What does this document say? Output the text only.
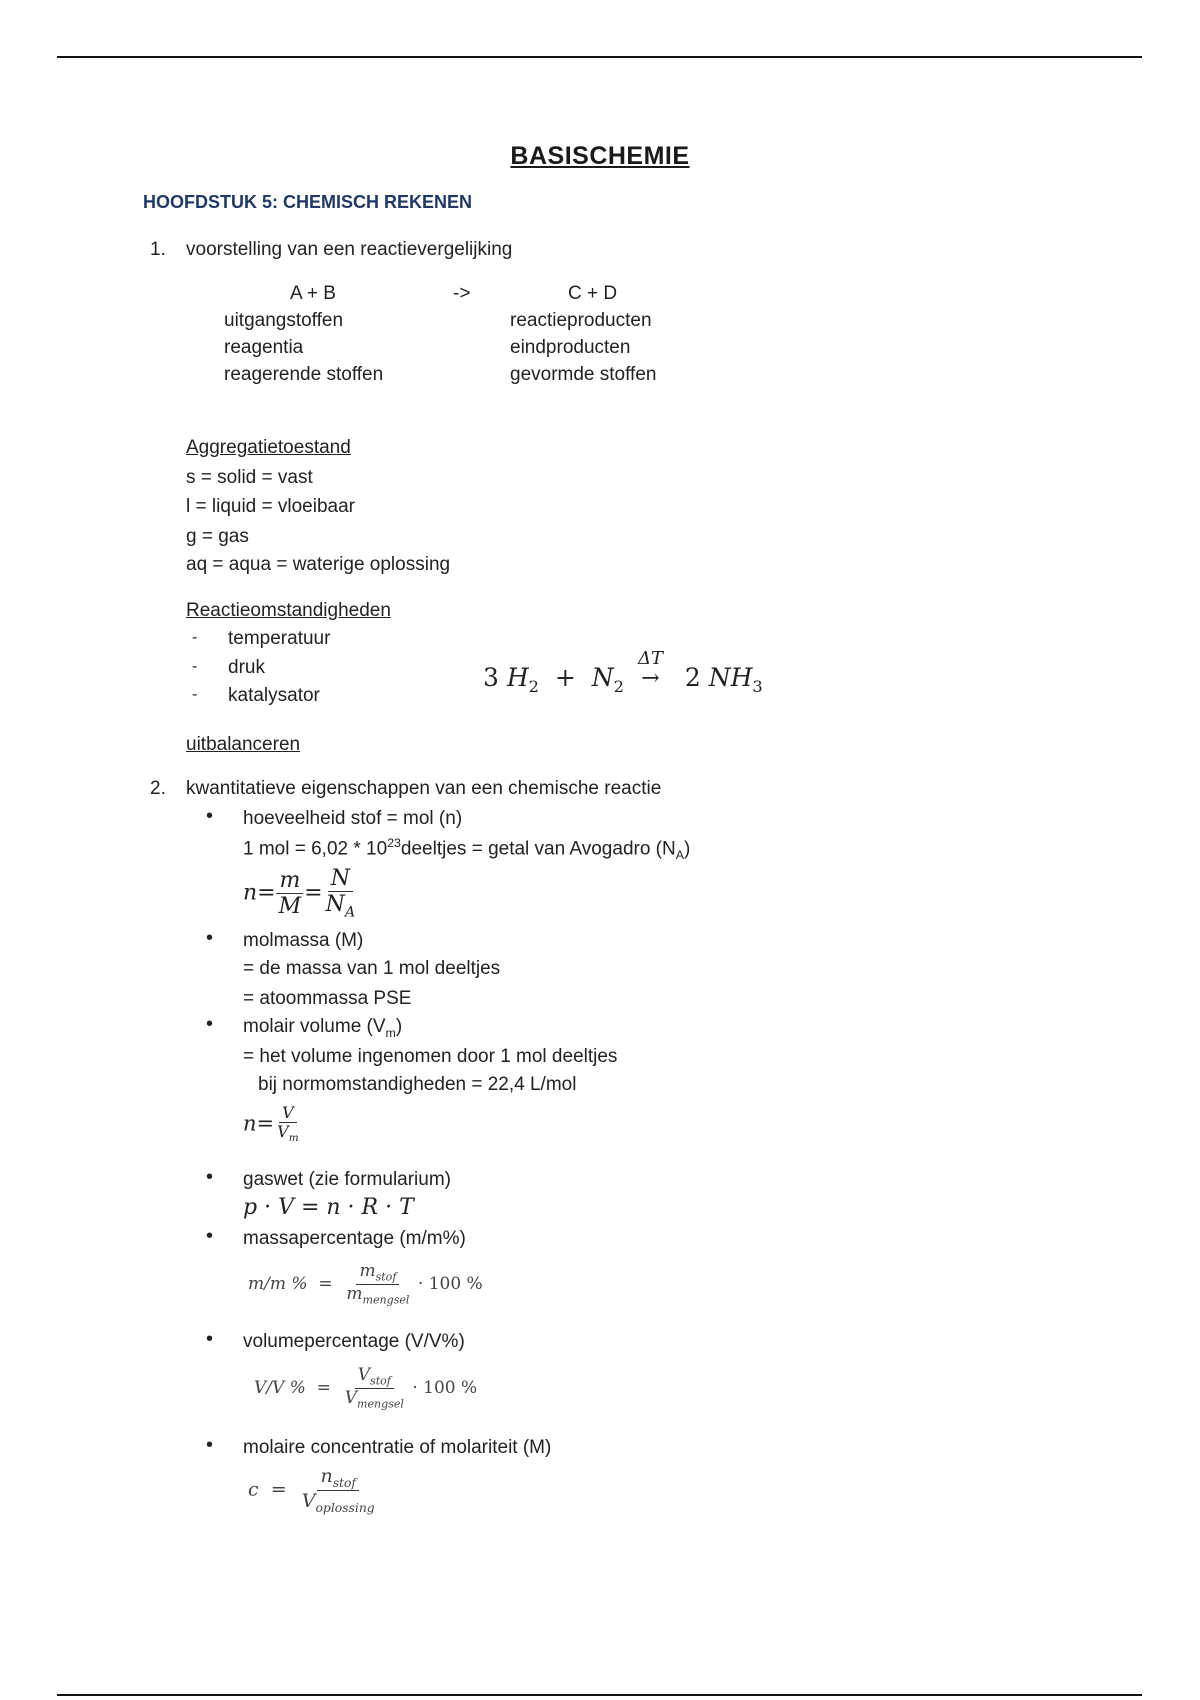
BASISCHEMIE
HOOFDSTUK 5: CHEMISCH REKENEN
1. voorstelling van een reactievergelijking
A + B	->	C + D
uitgangstoffen
reagentia
reagerende stoffen
reactieproducten
eindproducten
gevormde stoffen
Aggregatietoestand
s = solid = vast
l = liquid = vloeibaar
g = gas
aq = aqua = waterige oplossing
Reactieomstandigheden
- temperatuur
- druk
- katalysator
3 $H_2 + N_2$
ΔT
→ 2 $NH_3$
uitbalanceren
2. kwantitatieve eigenschappen van een chemische reactie
• hoeveelheid stof = mol (n)
1 mol = $6,02 * 10^{23}deeltjes$ = getal van Avogadro $(N_A)$
$n= \frac{m}{M} = \frac{N}{N_A}$
• molmassa (M)
= de massa van 1 mol deeltjes
= atoommassa PSE
• molair volume $(V_m)$
= het volume ingenomen door 1 mol deeltjes
bij normomstandigheden = 22,4 L/mol
$n= \frac{V}{V_m}$
• gaswet (zie formularium)
p · V = n · R · T
• massapercentage (m/m%)
m/m % = $\frac{m_{stof}}{m_{mengsel}} \cdot 100$ %
• volumepercentage (V/V%)
V/V % = $\frac{V_{stof}}{V_{mengsel}} \cdot 100$ %
• molaire concentratie of molariteit (M)
$c = \frac{n_{stof}}{V_{oplossing}}$
